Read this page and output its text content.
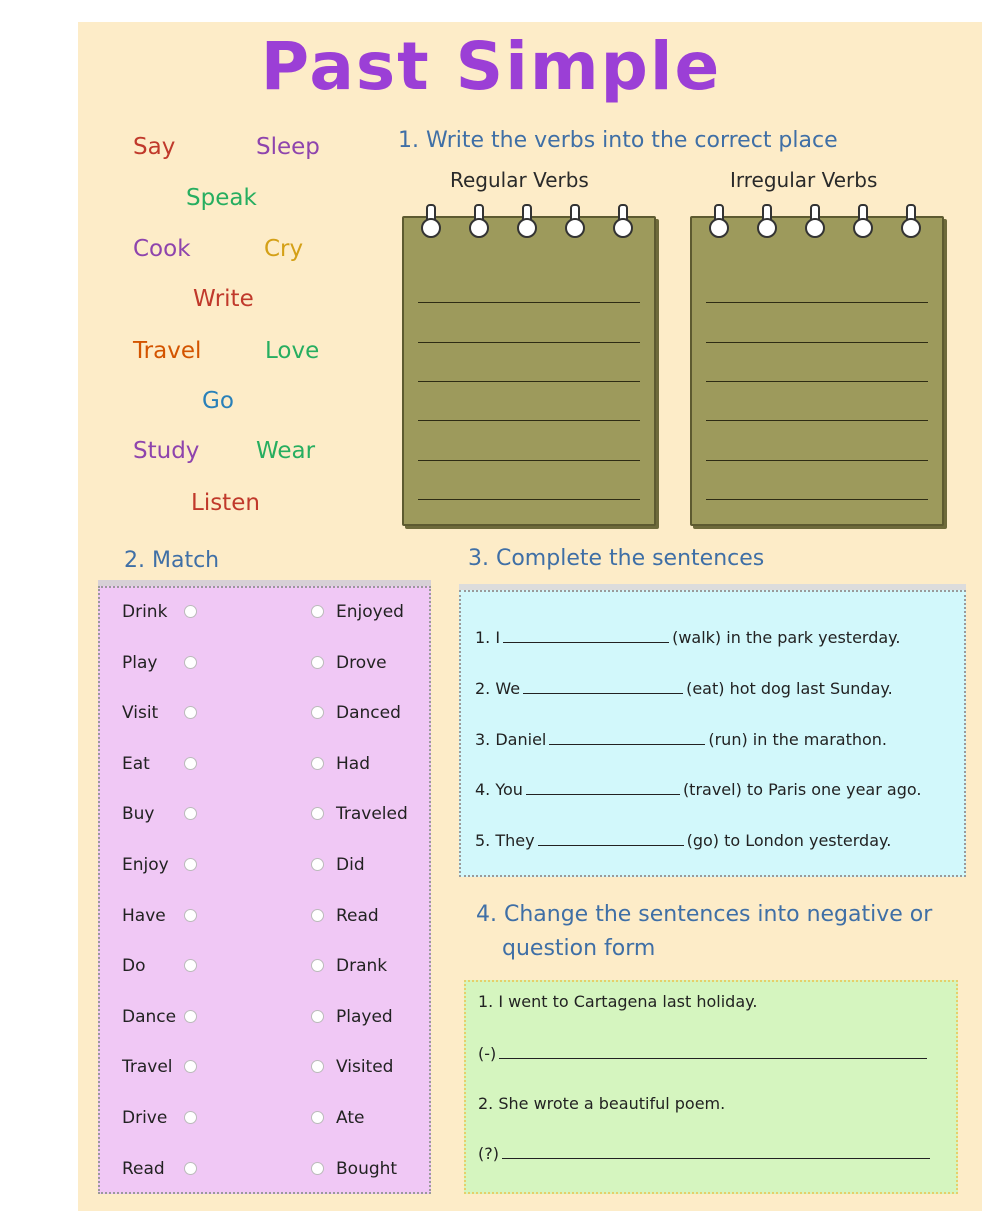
Past Simple
Say	Sleep
Speak
Cook	Cry
Write
Travel	Love
Go
Study Wear
Listen
1. Write the verbs into the correct place
Regular Verbs	Irregular Verbs
2. Match
Drink	Enjoyed
Play	Drove
Visit	Danced
Eat	Had
Buy	Traveled
Enjoy	Did
Have	Read
Do	Drank
Dance	Played
Travel	Visited
Drive	Ate
Read	Bought
3. Complete the sentences
1. I	(walk) in the park yesterday.
2. We	(eat) hot dog last Sunday.
3. Daniel	(run) in the marathon.
4. You	(travel) to Paris one year ago.
5. They	(go) to London yesterday.
4. Change the sentences into negative or
question form
1. I went to Cartagena last holiday.
(-)
2. She wrote a beautiful poem.
(?)
